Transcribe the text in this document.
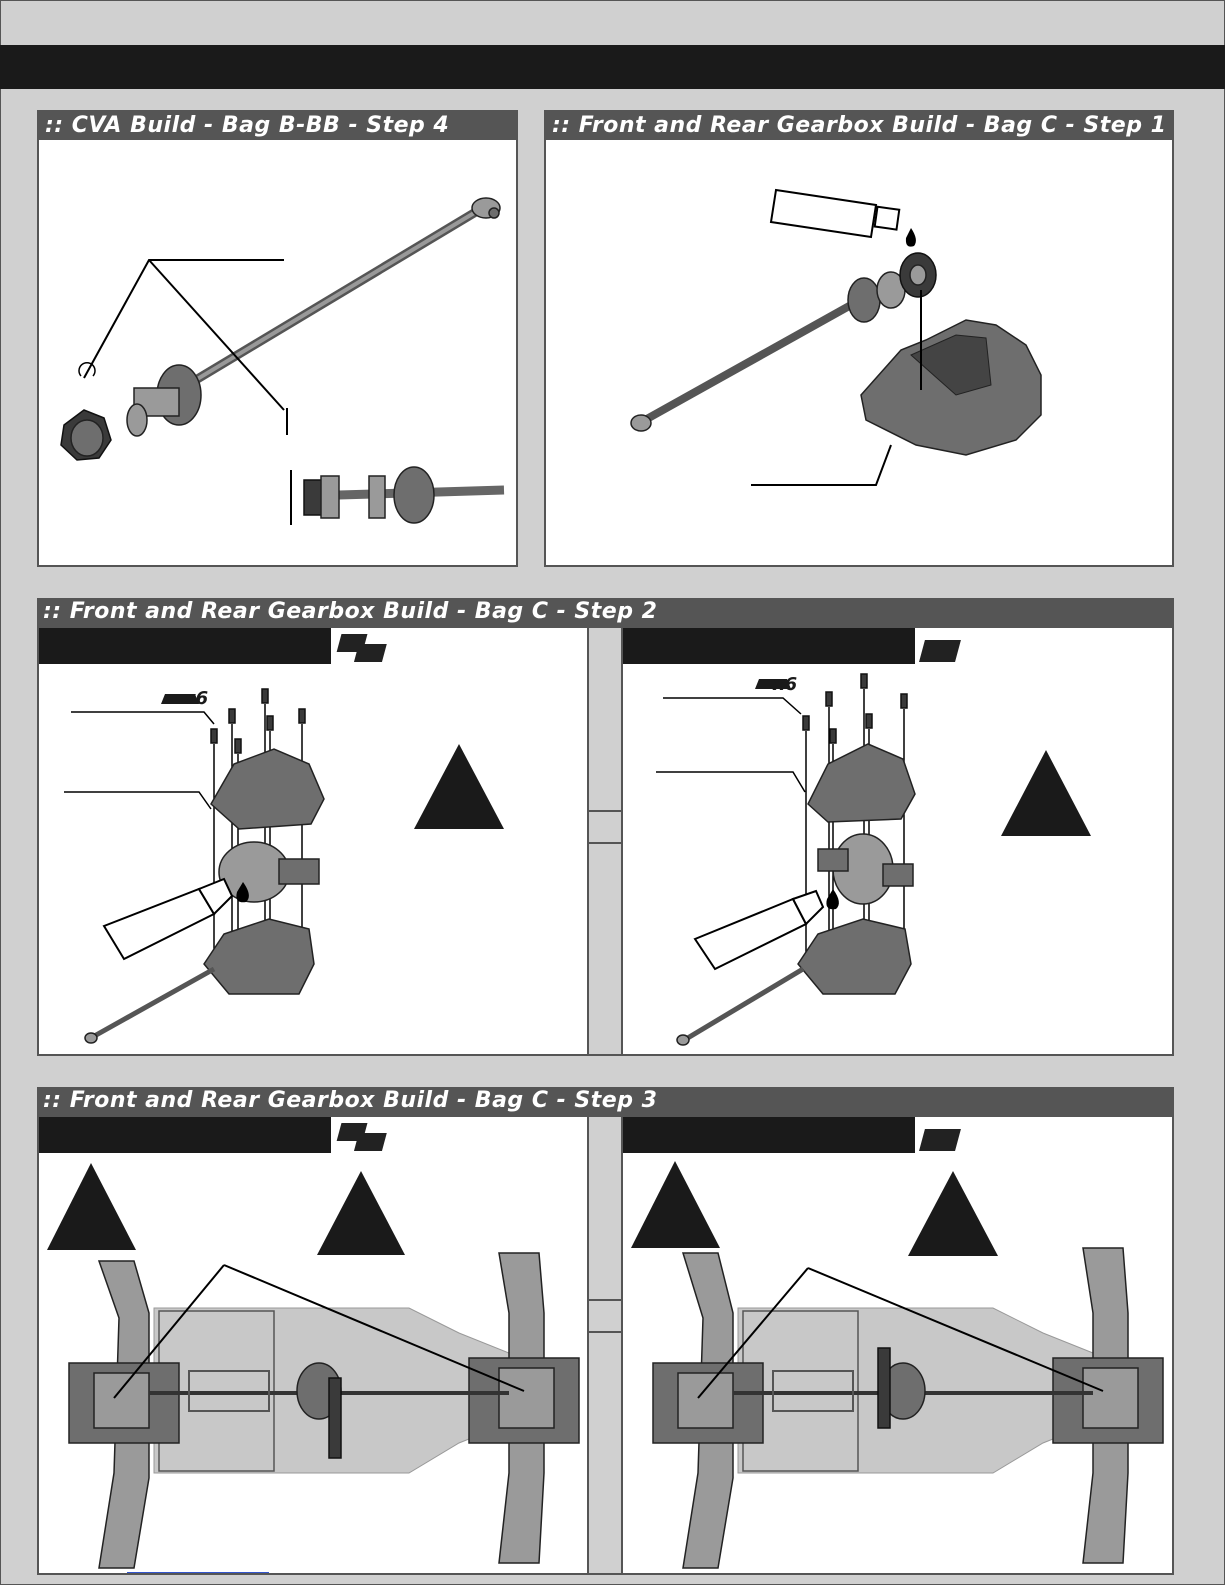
:: CVA Build - Bag B-BB - Step 4	:: Front and Rear Gearbox Build - Bag C - Step 1
:: Front and Rear Gearbox Build - Bag C - Step 2
x6
x6
:: Front and Rear Gearbox Build - Bag C - Step 3
